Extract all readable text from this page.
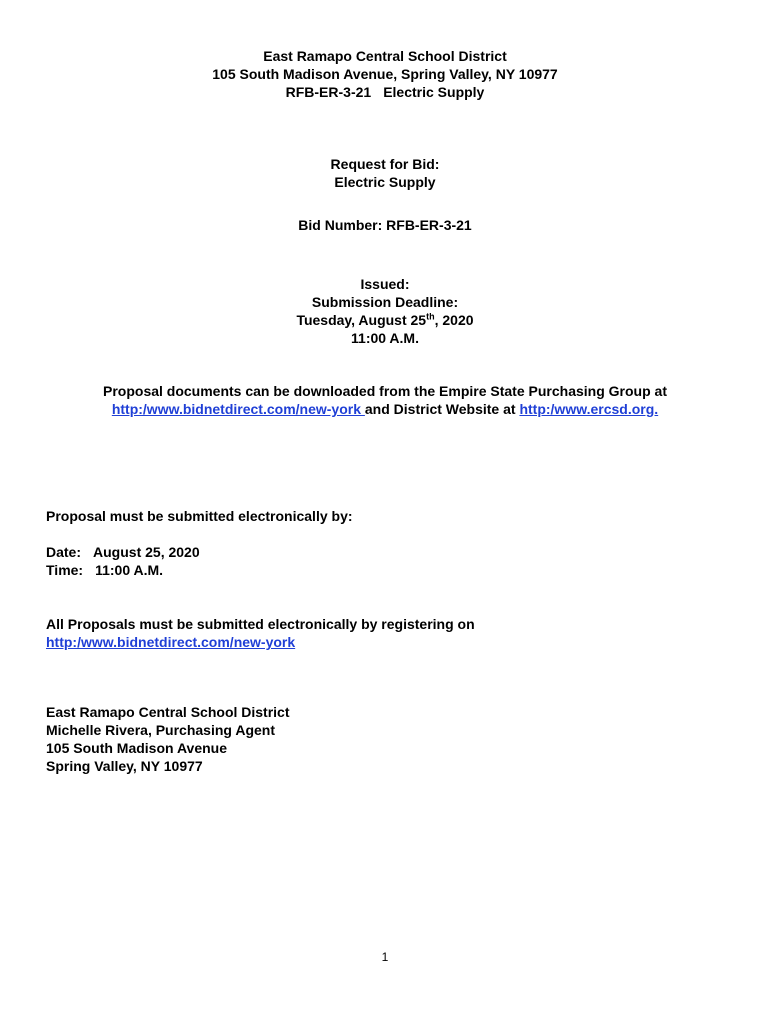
East Ramapo Central School District
105 South Madison Avenue, Spring Valley, NY 10977
RFB-ER-3-21 Electric Supply
Request for Bid:
Electric Supply
Bid Number: RFB-ER-3-21
Issued:
Submission Deadline:
Tuesday, August 25th, 2020
11:00 A.M.
Proposal documents can be downloaded from the Empire State Purchasing Group at
http:/www.bidnetdirect.com/new-york and District Website at http:/www.ercsd.org.
Proposal must be submitted electronically by:
Date: August 25, 2020
Time: 11:00 A.M.
All Proposals must be submitted electronically by registering on
http:/www.bidnetdirect.com/new-york
East Ramapo Central School District
Michelle Rivera, Purchasing Agent
105 South Madison Avenue
Spring Valley, NY 10977
1
